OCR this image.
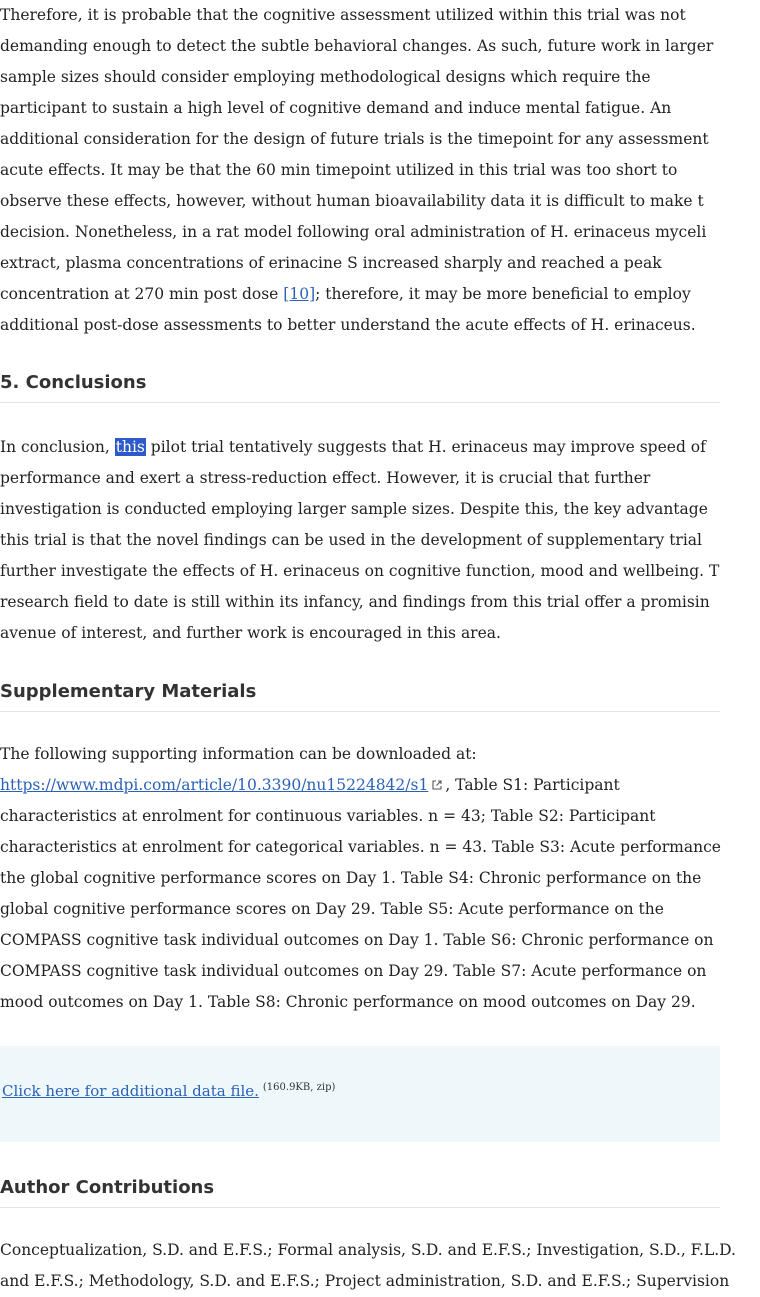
Therefore, it is probable that the cognitive assessment utilized within this trial was not
demanding enough to detect the subtle behavioral changes. As such, future work in larger
sample sizes should consider employing methodological designs which require the
participant to sustain a high level of cognitive demand and induce mental fatigue. An
additional consideration for the design of future trials is the timepoint for any assessment
acute effects. It may be that the 60 min timepoint utilized in this trial was too short to
observe these effects, however, without human bioavailability data it is difficult to make t
decision. Nonetheless, in a rat model following oral administration of H. erinaceus myceli
extract, plasma concentrations of erinacine S increased sharply and reached a peak
concentration at 270 min post dose [10]; therefore, it may be more beneficial to employ
additional post-dose assessments to better understand the acute effects of H. erinaceus.

5. Conclusions

In conclusion, this pilot trial tentatively suggests that H. erinaceus may improve speed of
performance and exert a stress-reduction effect. However, it is crucial that further
investigation is conducted employing larger sample sizes. Despite this, the key advantage
this trial is that the novel findings can be used in the development of supplementary trial
further investigate the effects of H. erinaceus on cognitive function, mood and wellbeing. T
research field to date is still within its infancy, and findings from this trial offer a promisin
avenue of interest, and further work is encouraged in this area.

Supplementary Materials

The following supporting information can be downloaded at:
https://www.mdpi.com/article/10.3390/nu15224842/s1 , Table S1: Participant
characteristics at enrolment for continuous variables. n = 43; Table S2: Participant
characteristics at enrolment for categorical variables. n = 43. Table S3: Acute performance
the global cognitive performance scores on Day 1. Table S4: Chronic performance on the
global cognitive performance scores on Day 29. Table S5: Acute performance on the
COMPASS cognitive task individual outcomes on Day 1. Table S6: Chronic performance on
COMPASS cognitive task individual outcomes on Day 29. Table S7: Acute performance on
mood outcomes on Day 1. Table S8: Chronic performance on mood outcomes on Day 29.

Click here for additional data file. $^{(160.9KB, zip)}$
Author Contributions

Conceptualization, S.D. and E.F.S.; Formal analysis, S.D. and E.F.S.; Investigation, S.D., F.L.D.
and E.F.S.; Methodology, S.D. and E.F.S.; Project administration, S.D. and E.F.S.; Supervision
